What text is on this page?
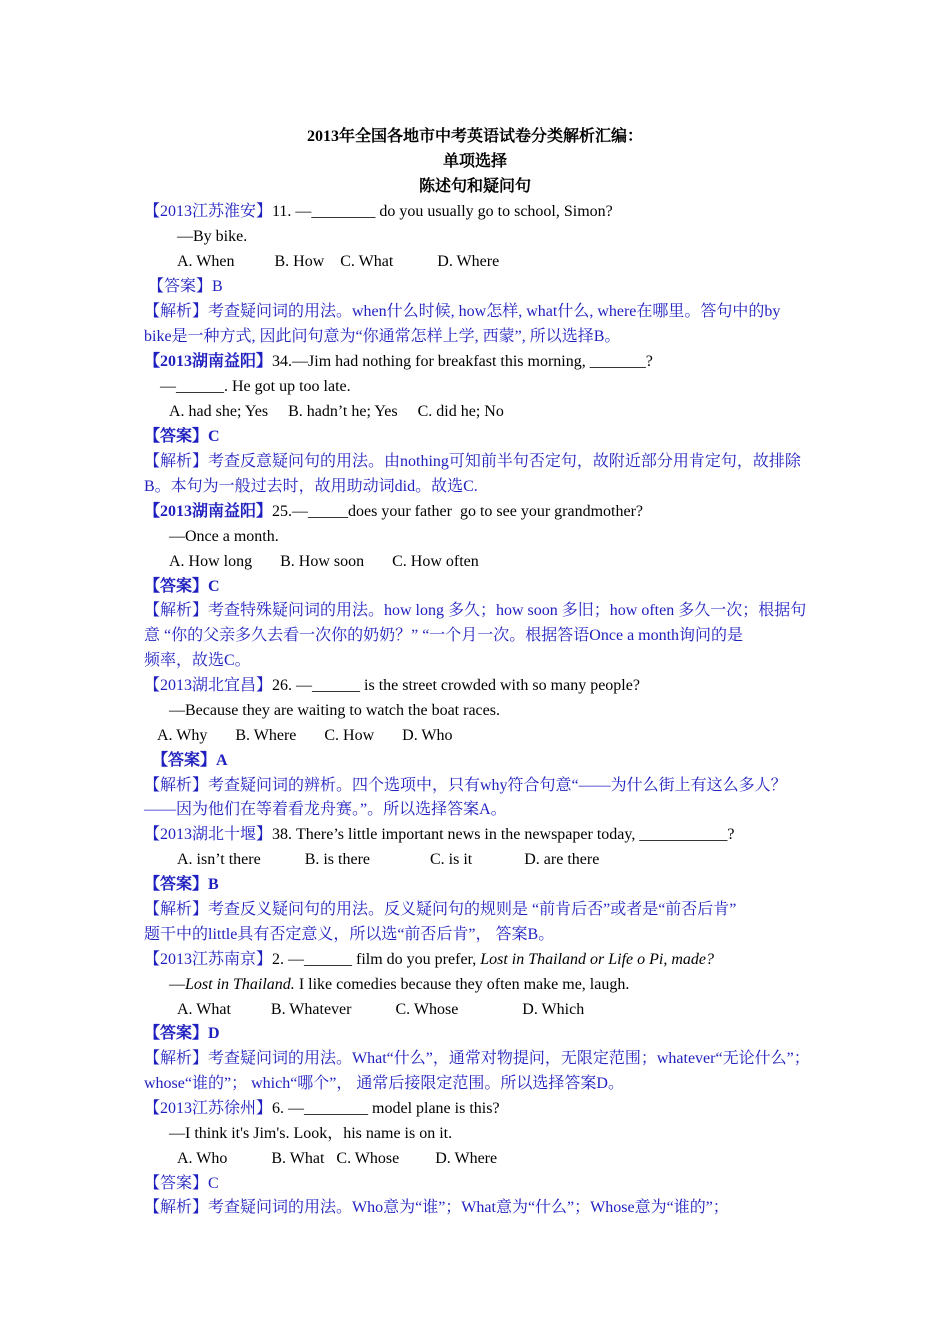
2013年全国各地市中考英语试卷分类解析汇编：
单项选择
陈述句和疑问句
【2013江苏淮安】11. —________ do you usually go to school, Simon?
—By bike.
A. When          B. How    C. What           D. Where
【答案】B
【解析】考查疑问词的用法。when什么时候, how怎样, what什么, where在哪里。答句中的by
bike是一种方式, 因此问句意为“你通常怎样上学, 西蒙”, 所以选择B。
【2013湖南益阳】34.—Jim had nothing for breakfast this morning, _______?
—______. He got up too late.
A. had she; Yes     B. hadn’t he; Yes     C. did he; No
【答案】C
【解析】考查反意疑问句的用法。由nothing可知前半句否定句，故附近部分用肯定句，故排除
B。本句为一般过去时，故用助动词did。故选C.
【2013湖南益阳】25.—_____does your father  go to see your grandmother?
—Once a month.
A. How long       B. How soon       C. How often
【答案】C
【解析】考查特殊疑问词的用法。how long 多久；how soon 多旧；how often 多久一次；根据句
意 “你的父亲多久去看一次你的奶奶？” “一个月一次。根据答语Once a month询问的是
频率，故选C。
【2013湖北宜昌】26. —______ is the street crowded with so many people?
—Because they are waiting to watch the boat races.
A. Why       B. Where       C. How       D. Who
【答案】A
【解析】考查疑问词的辨析。四个选项中，只有why符合句意“——为什么街上有这么多人？
——因为他们在等着看龙舟赛。”。所以选择答案A。
【2013湖北十堰】38. There’s little important news in the newspaper today, ___________?
A. isn’t there           B. is there               C. is it             D. are there
【答案】B
【解析】考查反义疑问句的用法。反义疑问句的规则是 “前肯后否”或者是“前否后肯”
题干中的little具有否定意义，所以选“前否后肯”， 答案B。
【2013江苏南京】2. —______ film do you prefer, Lost in Thailand or Life o Pi, made?
—Lost in Thailand. I like comedies because they often make me, laugh.
A. What          B. Whatever           C. Whose                D. Which
【答案】D
【解析】考查疑问词的用法。What“什么”，通常对物提问，无限定范围；whatever“无论什么”；
whose“谁的”； which“哪个”， 通常后接限定范围。所以选择答案D。
【2013江苏徐州】6. —________ model plane is this?
—I think it's Jim's. Look，his name is on it.
A. Who           B. What   C. Whose         D. Where
【答案】C
【解析】考查疑问词的用法。Who意为“谁”；What意为“什么”；Whose意为“谁的”；
